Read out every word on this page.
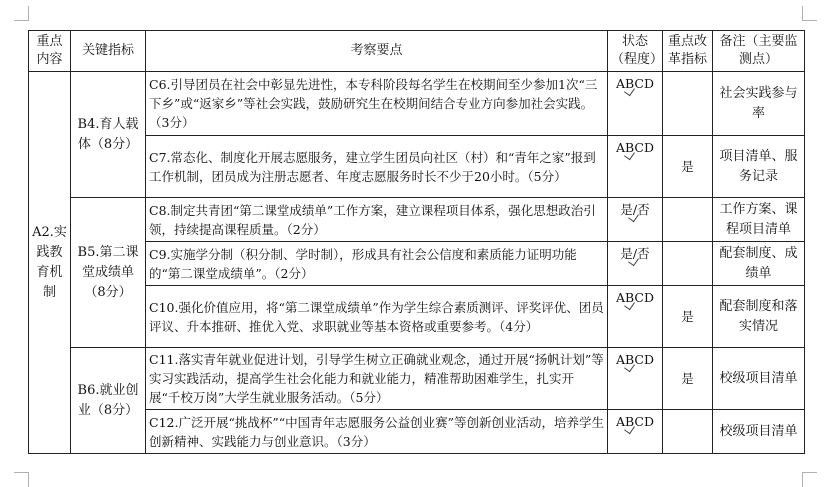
重点内容	关键指标	考察要点	状态（程度）	重点改革指标	备注（主要监测点）
A2.实践教育机制	B4.育人载体（8分）	C6.引导团员在社会中彰显先进性，本专科阶段每名学生在校期间至少参加1次“三下乡”或“返家乡”等社会实践，鼓励研究生在校期间结合专业方向参加社会实践。（3分）	ABCD		社会实践参与率
		C7.常态化、制度化开展志愿服务，建立学生团员向社区（村）和“青年之家”报到工作机制，团员成为注册志愿者、年度志愿服务时长不少于20小时。（5分）	ABCD	是	项目清单、服务记录
	B5.第二课堂成绩单（8分）	C8.制定共青团“第二课堂成绩单”工作方案，建立课程项目体系，强化思想政治引领，持续提高课程质量。（2分）	是/否		工作方案、课程项目清单
		C9.实施学分制（积分制、学时制），形成具有社会公信度和素质能力证明功能的“第二课堂成绩单”。（2分）	是/否		配套制度、成绩单
		C10.强化价值应用，将“第二课堂成绩单”作为学生综合素质测评、评奖评优、团员评议、升本推研、推优入党、求职就业等基本资格或重要参考。（4分）	ABCD	是	配套制度和落实情况
	B6.就业创业（8分）	C11.落实青年就业促进计划，引导学生树立正确就业观念，通过开展“扬帆计划”等实习实践活动，提高学生社会化能力和就业能力，精准帮助困难学生，扎实开展“千校万岗”大学生就业服务活动。（5分）	ABCD	是	校级项目清单
		C12.广泛开展“挑战杯”“中国青年志愿服务公益创业赛”等创新创业活动，培养学生创新精神、实践能力与创业意识。（3分）	ABCD		校级项目清单
